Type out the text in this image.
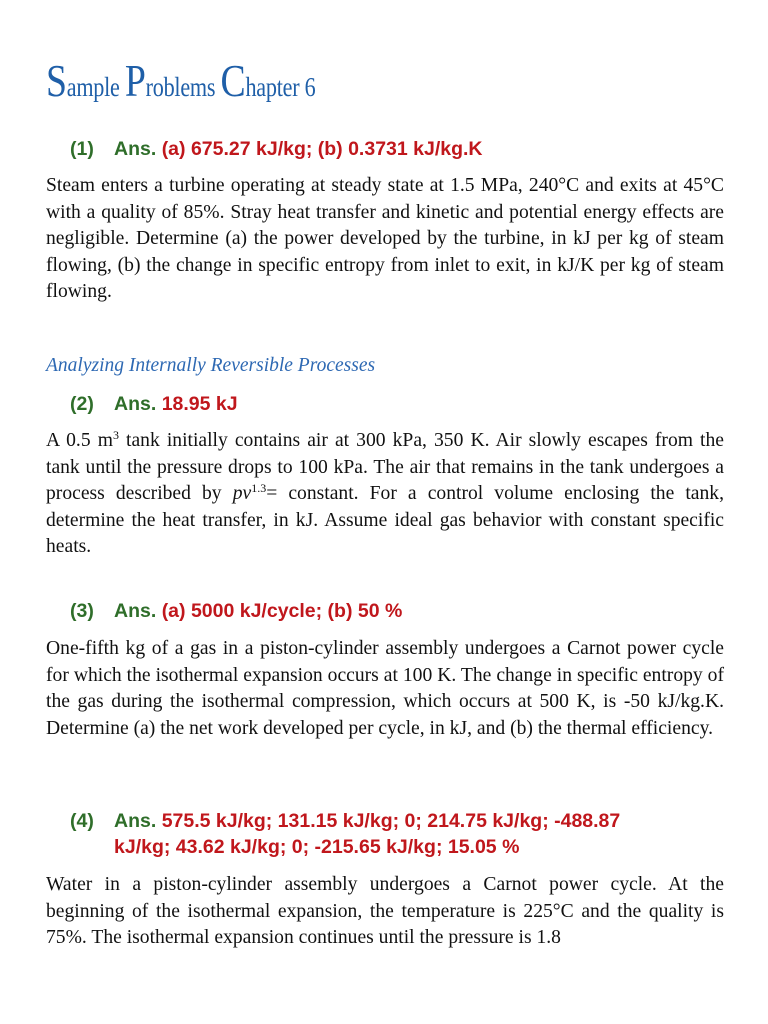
Sample Problems Chapter 6
(1) Ans. (a) 675.27 kJ/kg; (b) 0.3731 kJ/kg.K
Steam enters a turbine operating at steady state at 1.5 MPa, 240°C and exits at 45°C with a quality of 85%. Stray heat transfer and kinetic and potential energy effects are negligible. Determine (a) the power developed by the turbine, in kJ per kg of steam flowing, (b) the change in specific entropy from inlet to exit, in kJ/K per kg of steam flowing.
Analyzing Internally Reversible Processes
(2) Ans. 18.95 kJ
A 0.5 $m^3$ tank initially contains air at 300 kPa, 350 K. Air slowly escapes from the tank until the pressure drops to 100 kPa. The air that remains in the tank undergoes a process described by $pv^{1.3}=$ constant. For a control volume enclosing the tank, determine the heat transfer, in kJ. Assume ideal gas behavior with constant specific heats.
(3) Ans. (a) 5000 kJ/cycle; (b) 50 %
One-fifth kg of a gas in a piston-cylinder assembly undergoes a Carnot power cycle for which the isothermal expansion occurs at 100 K. The change in specific entropy of the gas during the isothermal compression, which occurs at 500 K, is -50 kJ/kg.K. Determine (a) the net work developed per cycle, in kJ, and (b) the thermal efficiency.
(4) Ans. 575.5 kJ/kg; 131.15 kJ/kg; 0; 214.75 kJ/kg; -488.87
kJ/kg; 43.62 kJ/kg; 0; -215.65 kJ/kg; 15.05 %
Water in a piston-cylinder assembly undergoes a Carnot power cycle. At the beginning of the isothermal expansion, the temperature is 225°C and the quality is 75%. The isothermal expansion continues until the pressure is 1.8
